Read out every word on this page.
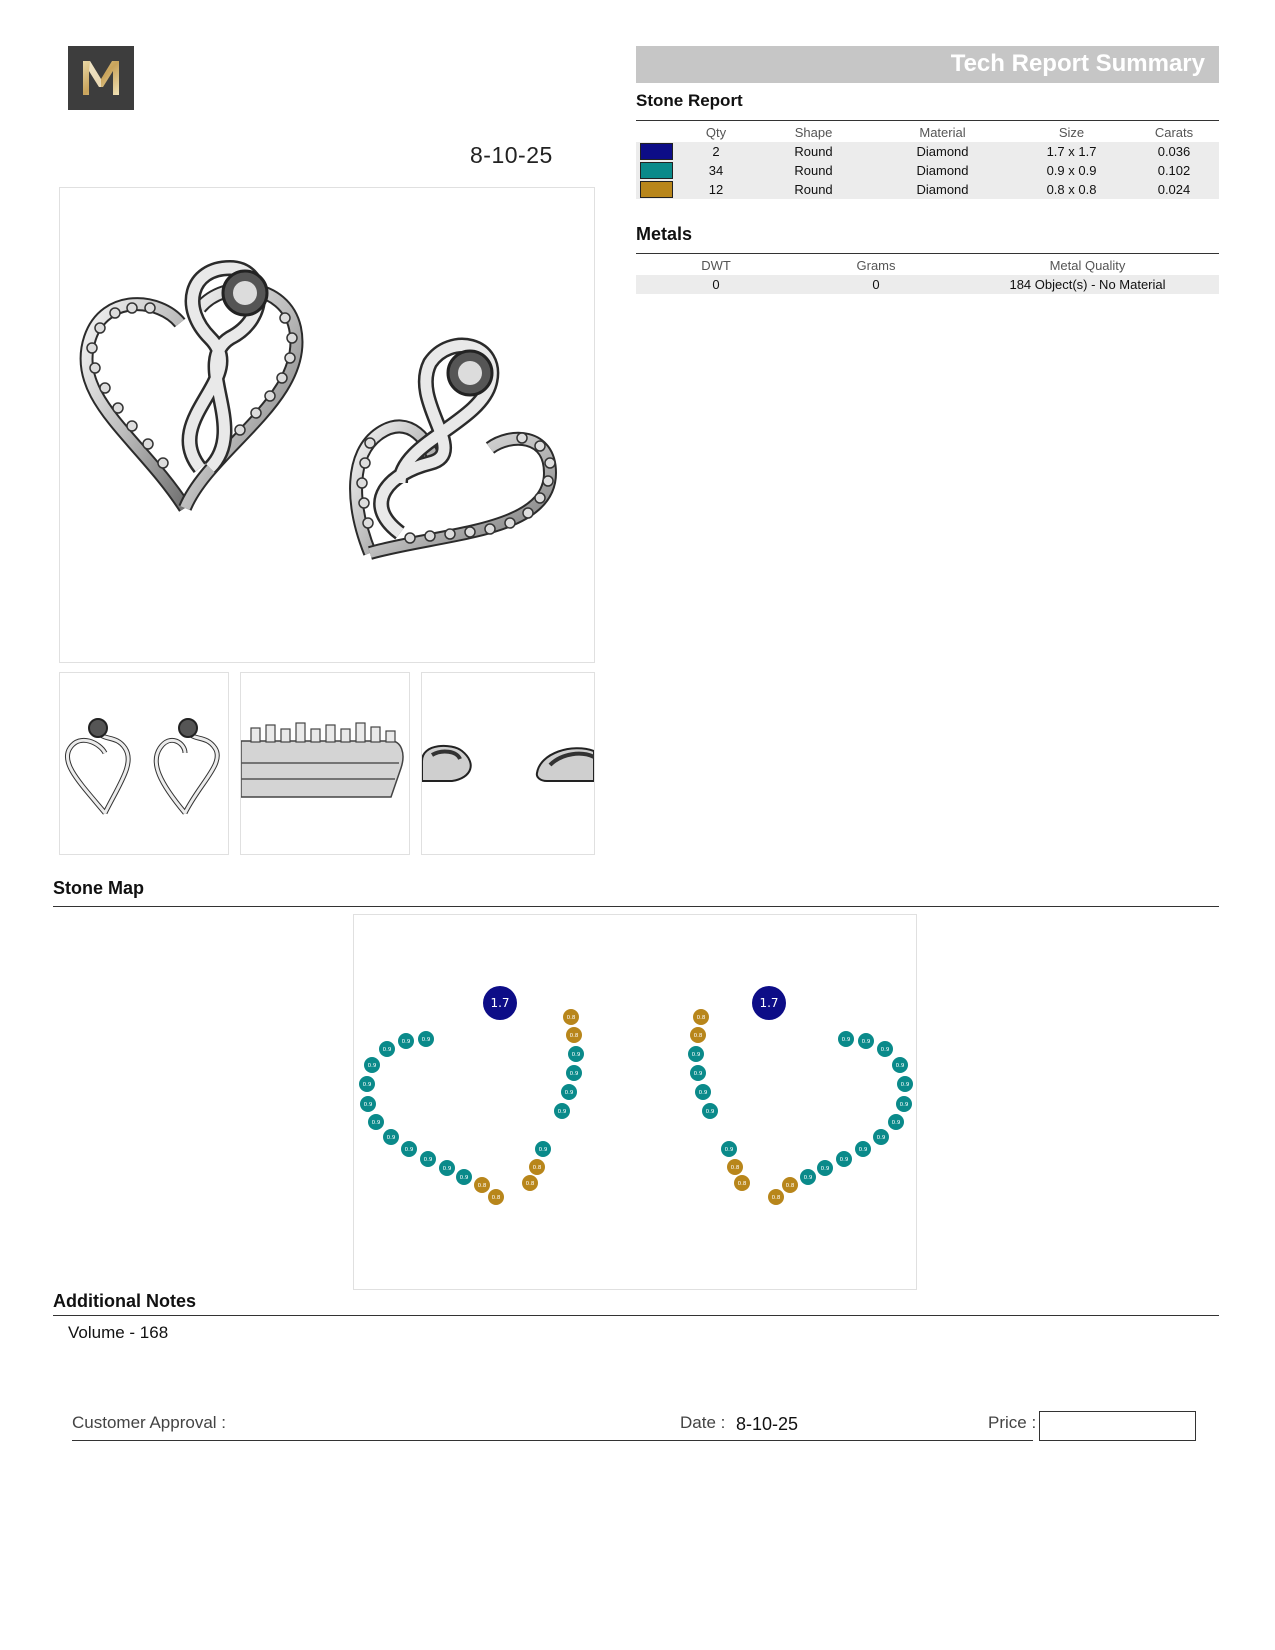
8-10-25
Tech Report Summary
Stone Report
	Qty	Shape	Material	Size	Carats
	2	Round	Diamond	1.7 x 1.7	0.036
	34	Round	Diamond	0.9 x 0.9	0.102
	12	Round	Diamond	0.8 x 0.8	0.024
Metals
DWT	Grams	Metal Quality
0	0	184 Object(s) - No Material
Stone Map
1.7	1.7
0.8
0.8
0.9
0.9
0.9
0.9
0.9
0.8
0.8
0.8
0.8
0.9
0.9
0.9
0.9
0.9
0.9
0.9
0.9
0.9
0.9
0.9 0.9
0.8
0.8
0.9
0.9
0.9
0.9
0.9
0.8
0.8
0.8
0.8
0.9
0.9
0.9
0.9
0.9
0.9
0.9
0.9
0.9
0.9
0.9
0.9
Additional Notes
Volume - 168
Customer Approval :	Date : 8-10-25	Price :
